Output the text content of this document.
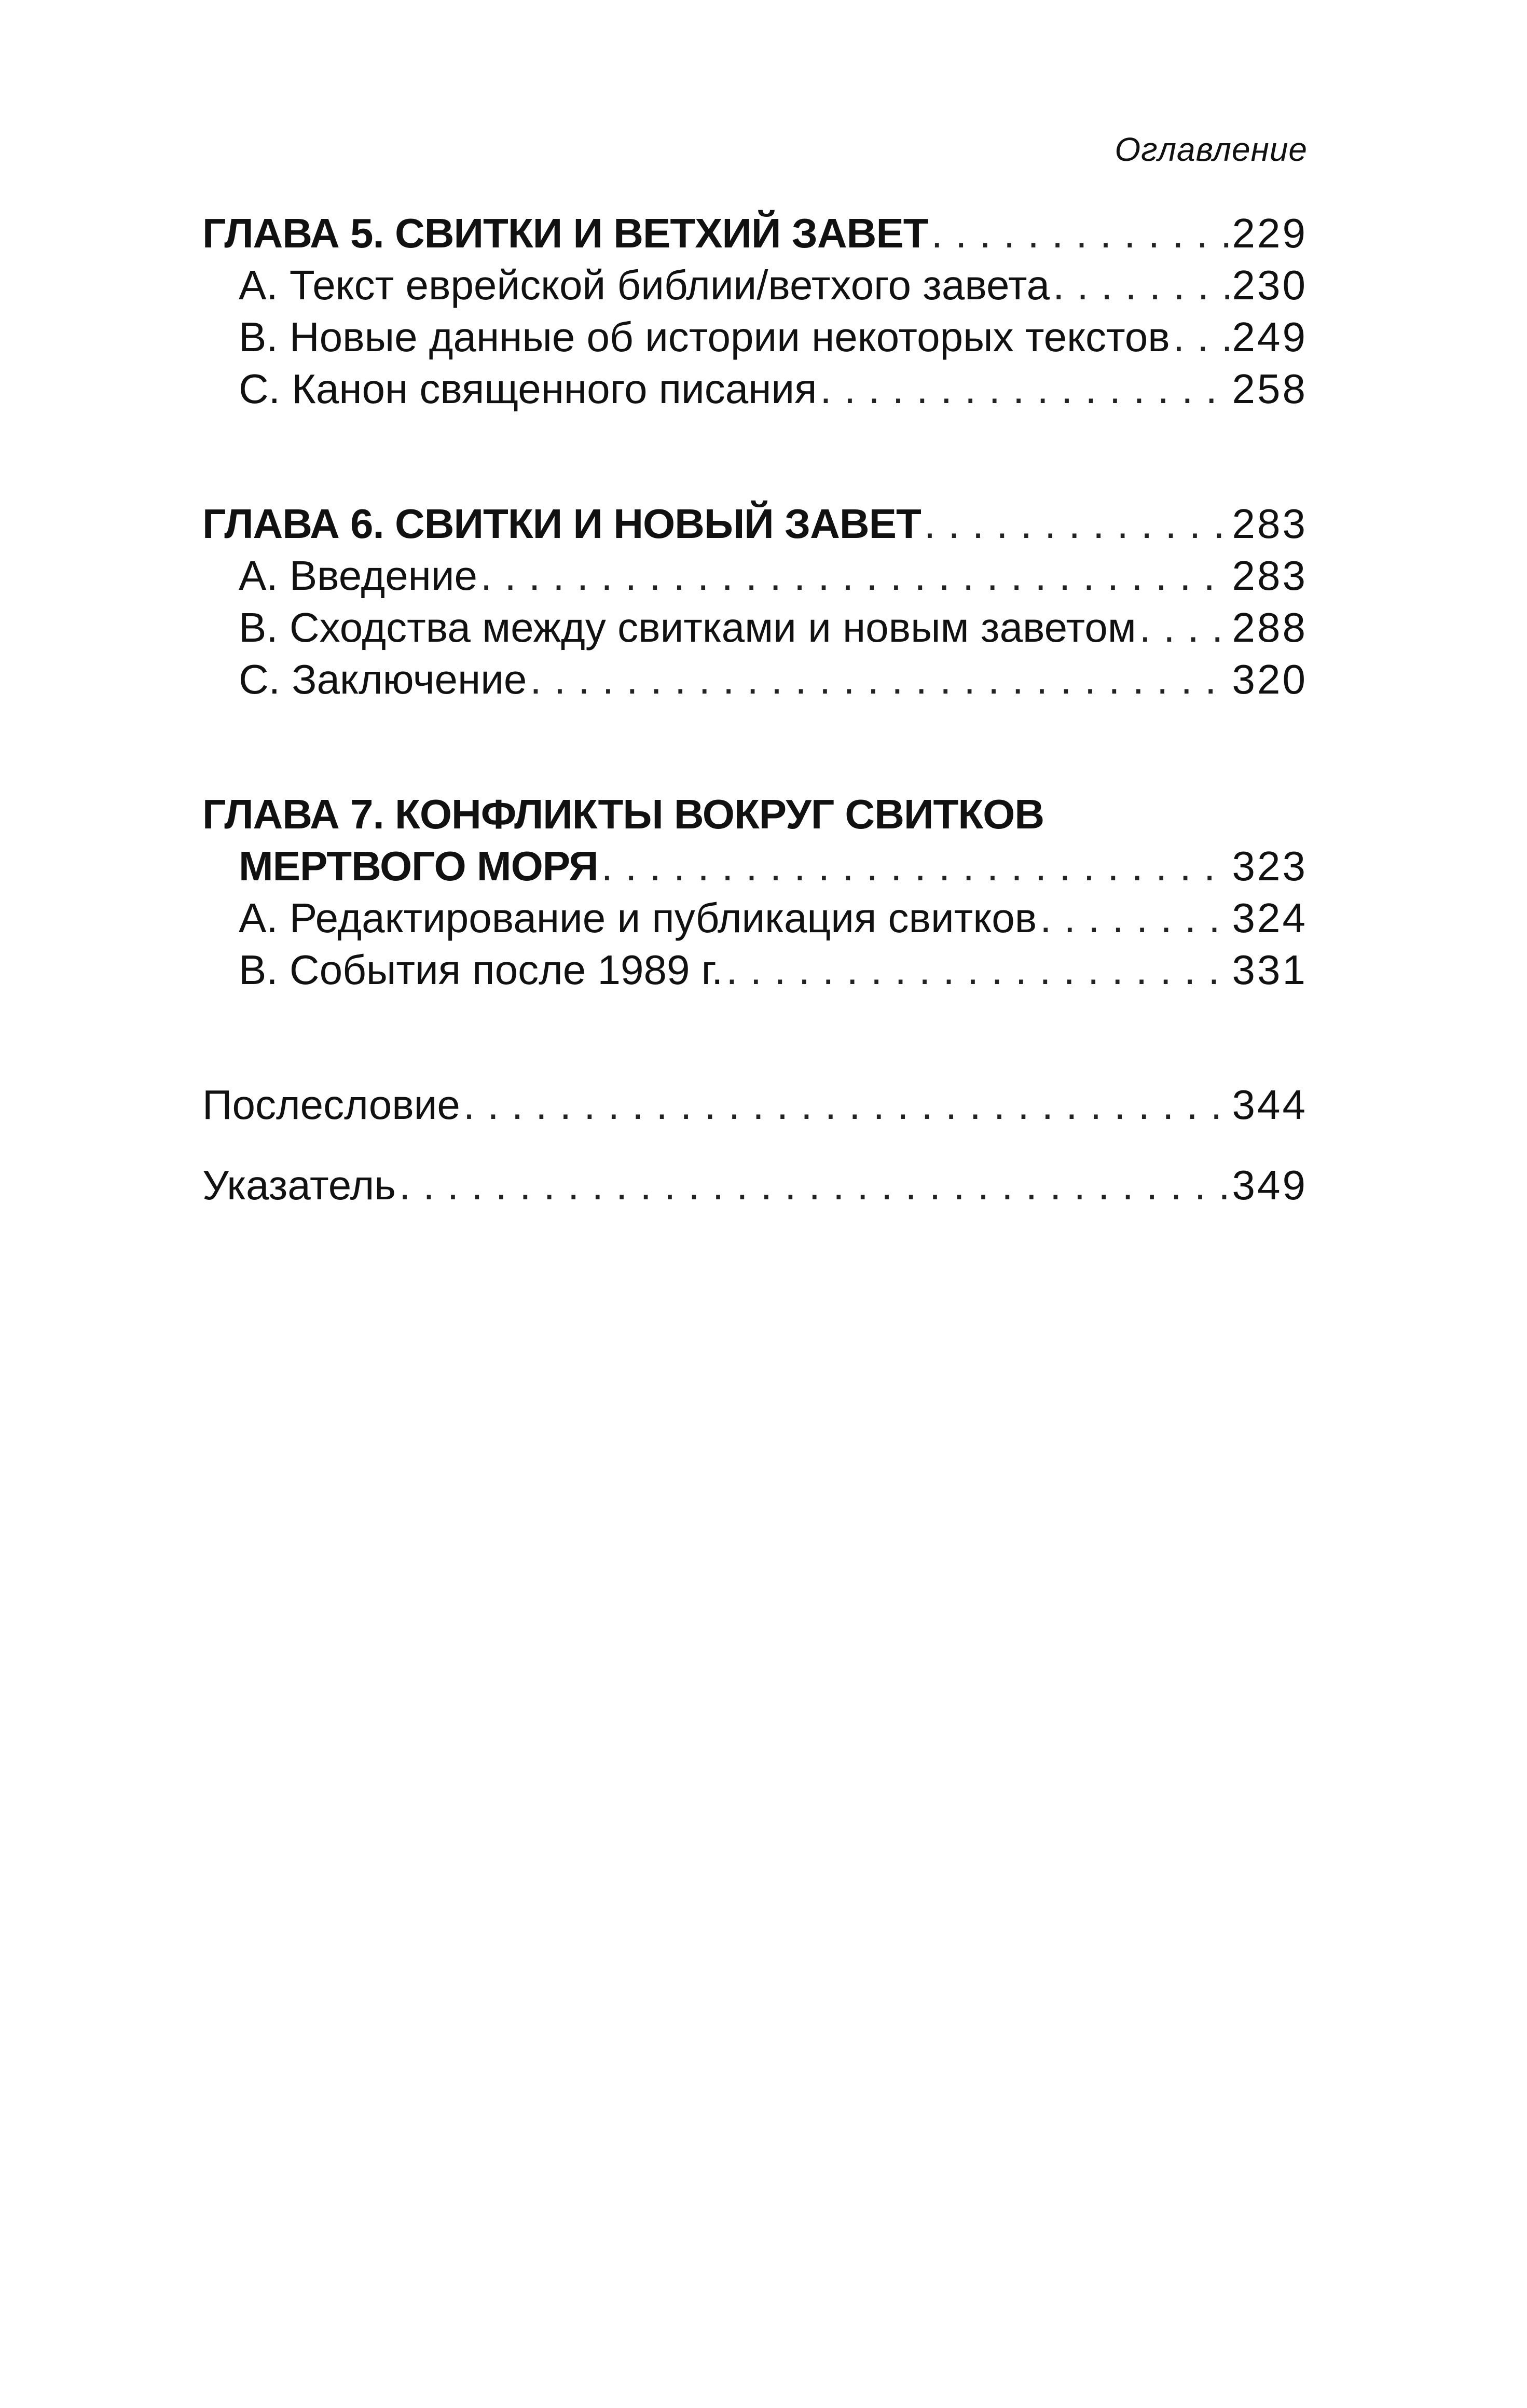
Оглавление
ГЛАВА 5. СВИТКИ И ВЕТХИЙ ЗАВЕТ . . .	229
A. Текст еврейской библии/ветхого завета . . .	230
B. Новые данные об истории некоторых текстов . . . 249
C. Канон священного писания . . .	258
ГЛАВА 6. СВИТКИ И НОВЫЙ ЗАВЕТ . . .	283
A. Введение . . .	283
B. Сходства между свитками и новым заветом . . . 288
C. Заключение . . .	320
ГЛАВА 7. КОНФЛИКТЫ ВОКРУГ СВИТКОВ
МЕРТВОГО МОРЯ . . .	323
A. Редактирование и публикация свитков . . .	324
B. События после 1989 г. . . .	331
Послесловие . . .	344
Указатель . . .	349
